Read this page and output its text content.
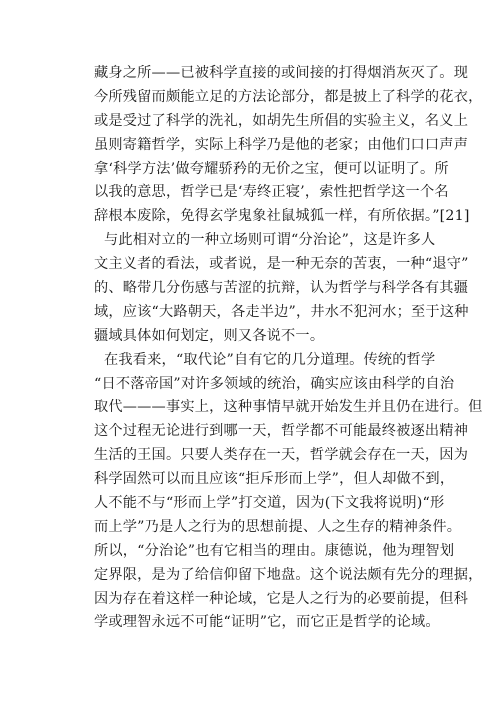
藏身之所——已被科学直接的或间接的打得烟消灰灭了。现
今所残留而颇能立足的方法论部分，都是披上了科学的花衣，
或是受过了科学的洗礼，如胡先生所倡的实验主义，名义上
虽则寄籍哲学，实际上科学乃是他的老家；由他们口口声声
拿‘科学方法’做夸耀骄矜的无价之宝，便可以证明了。所
以我的意思，哲学已是‘寿终正寝’，索性把哲学这一个名
辞根本废除，免得玄学鬼象社鼠城狐一样，有所依据。”[21]
与此相对立的一种立场则可谓“分治论”，这是许多人
文主义者的看法，或者说，是一种无奈的苦衷，一种“退守”
的、略带几分伤感与苦涩的抗辩，认为哲学与科学各有其疆
域，应该“大路朝天，各走半边”，井水不犯河水；至于这种
疆域具体如何划定，则又各说不一。
在我看来，“取代论”自有它的几分道理。传统的哲学
“日不落帝国”对许多领域的统治，确实应该由科学的自治
取代———事实上，这种事情早就开始发生并且仍在进行。但
这个过程无论进行到哪一天，哲学都不可能最终被逐出精神
生活的王国。只要人类存在一天，哲学就会存在一天，因为
科学固然可以而且应该“拒斥形而上学”，但人却做不到，
人不能不与“形而上学”打交道，因为(下文我将说明)“形
而上学”乃是人之行为的思想前提、人之生存的精神条件。
所以，“分治论”也有它相当的理由。康德说，他为理智划
定界限，是为了给信仰留下地盘。这个说法颇有先分的理据，
因为存在着这样一种论域，它是人之行为的必要前提，但科
学或理智永远不可能“证明”它，而它正是哲学的论域。
